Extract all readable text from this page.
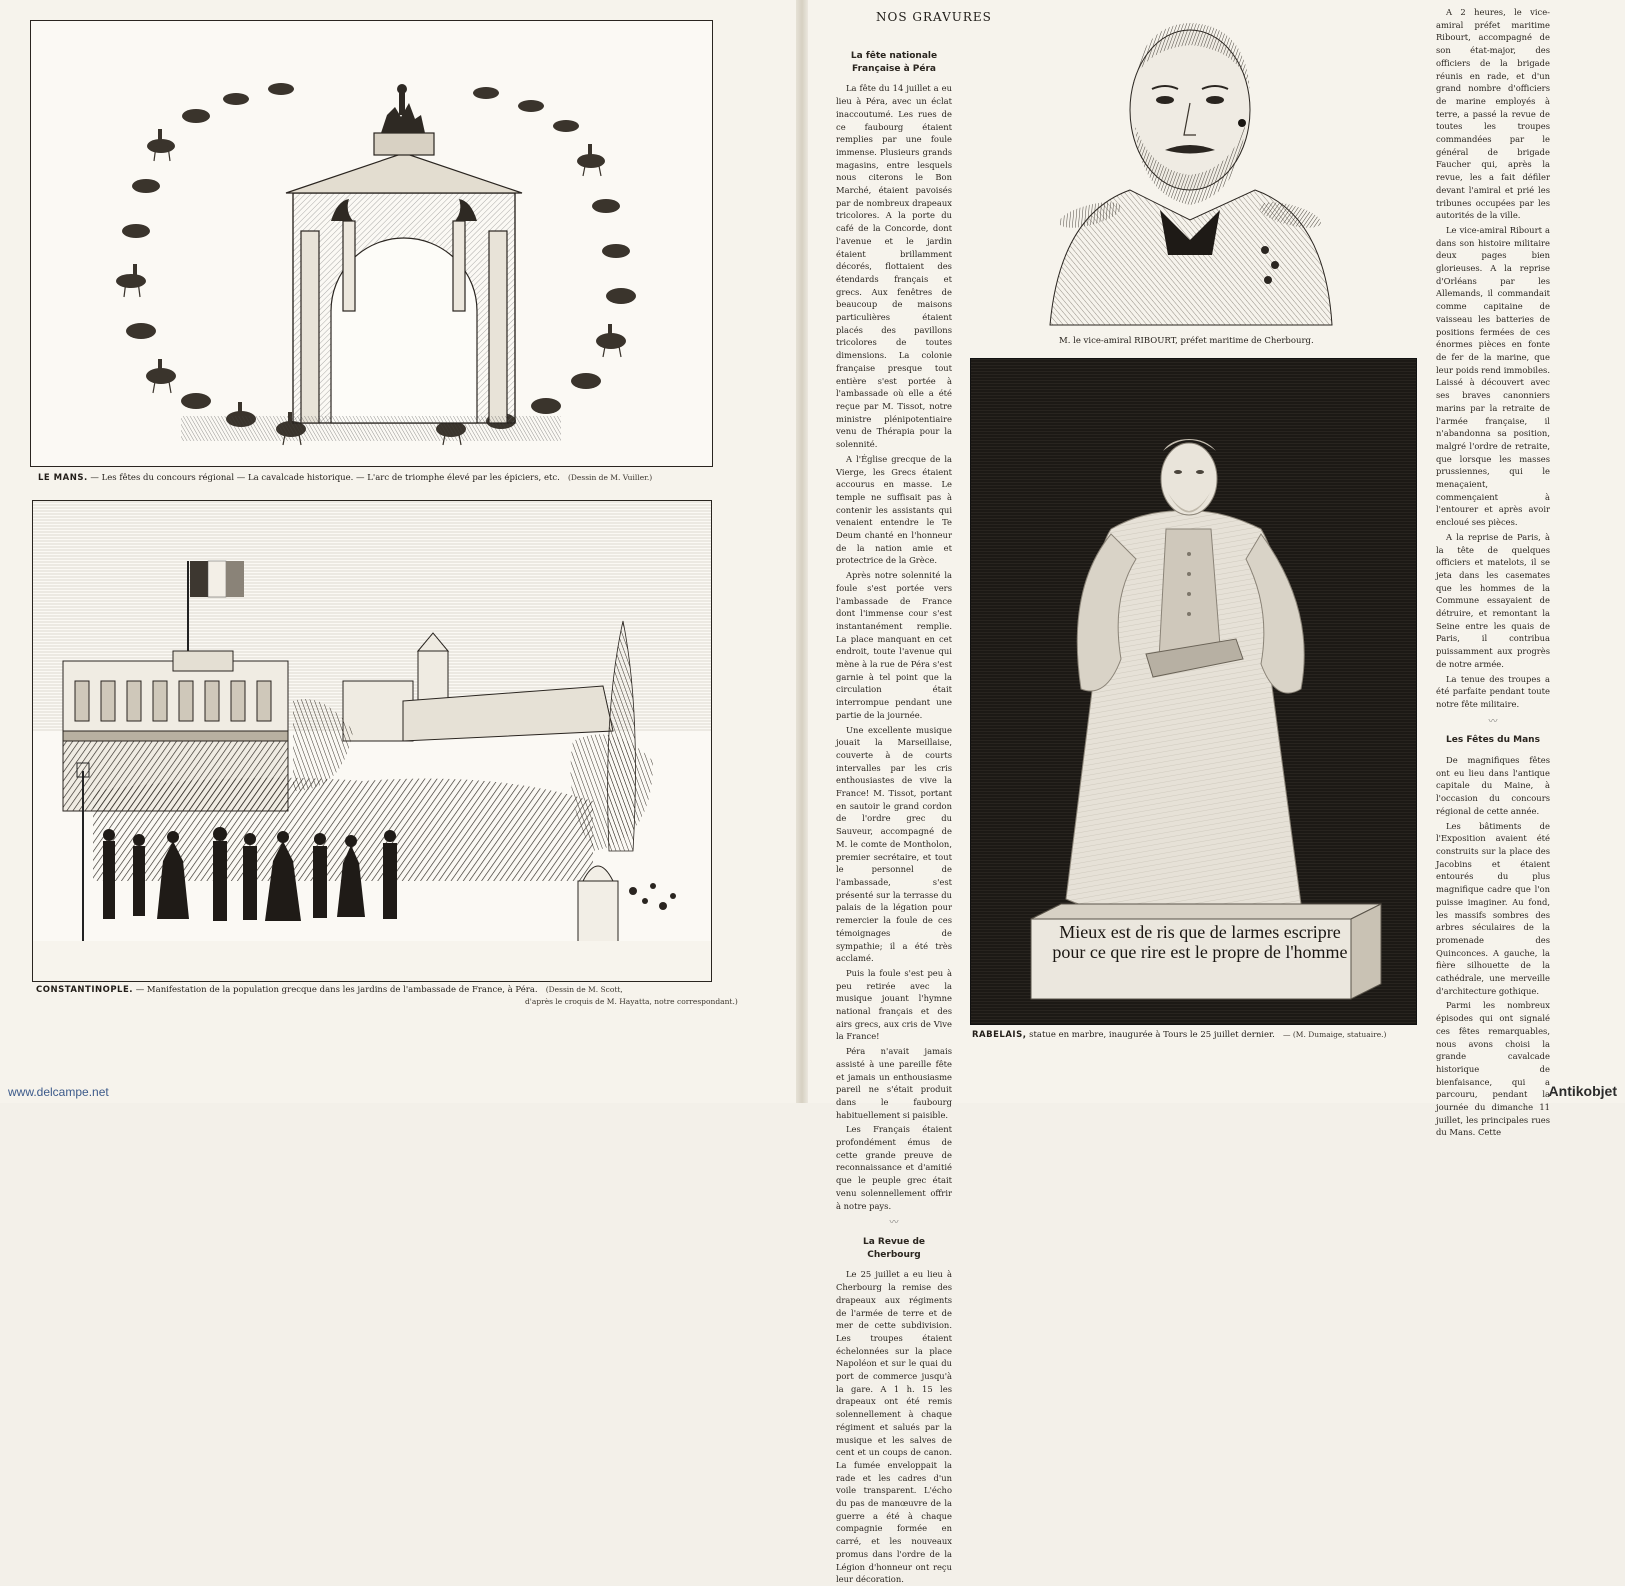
LE MANS. — Les fêtes du concours régional — La cavalcade historique. — L'arc de triomphe élevé par les épiciers, etc. (Dessin de M. Vuiller.)
CONSTANTINOPLE. — Manifestation de la population grecque dans les jardins de l'ambassade de France, à Péra. (Dessin de M. Scott,
d'après le croquis de M. Hayatta, notre correspondant.)
NOS GRAVURES
La fête nationale Française à Péra

La fête du 14 juillet a eu lieu à Péra, avec un éclat inaccoutumé. Les rues de ce faubourg étaient remplies par une foule immense. Plusieurs grands magasins, entre lesquels nous citerons le Bon Marché, étaient pavoisés par de nombreux drapeaux tricolores. A la porte du café de la Concorde, dont l'avenue et le jardin étaient brillamment décorés, flottaient des étendards français et grecs. Aux fenêtres de beaucoup de maisons particulières étaient placés des pavillons tricolores de toutes dimensions. La colonie française presque tout entière s'est portée à l'ambassade où elle a été reçue par M. Tissot, notre ministre plénipotentiaire venu de Thérapia pour la solennité.

A l'Église grecque de la Vierge, les Grecs étaient accourus en masse. Le temple ne suffisait pas à contenir les assistants qui venaient entendre le Te Deum chanté en l'honneur de la nation amie et protectrice de la Grèce.

Après notre solennité la foule s'est portée vers l'ambassade de France dont l'immense cour s'est instantanément remplie. La place manquant en cet endroit, toute l'avenue qui mène à la rue de Péra s'est garnie à tel point que la circulation était interrompue pendant une partie de la journée.

Une excellente musique jouait la Marseillaise, couverte à de courts intervalles par les cris enthousiastes de vive la France! M. Tissot, portant en sautoir le grand cordon de l'ordre grec du Sauveur, accompagné de M. le comte de Montholon, premier secrétaire, et tout le personnel de l'ambassade, s'est présenté sur la terrasse du palais de la légation pour remercier la foule de ces témoignages de sympathie; il a été très acclamé.

Puis la foule s'est peu à peu retirée avec la musique jouant l'hymne national français et des airs grecs, aux cris de Vive la France!

Péra n'avait jamais assisté à une pareille fête et jamais un enthousiasme pareil ne s'était produit dans le faubourg habituellement si paisible.

Les Français étaient profondément émus de cette grande preuve de reconnaissance et d'amitié que le peuple grec était venu solennellement offrir à notre pays.

〰
La Revue de Cherbourg

Le 25 juillet a eu lieu à Cherbourg la remise des drapeaux aux régiments de l'armée de terre et de mer de cette subdivision. Les troupes étaient échelonnées sur la place Napoléon et sur le quai du port de commerce jusqu'à la gare. A 1 h. 15 les drapeaux ont été remis solennellement à chaque régiment et salués par la musique et les salves de cent et un coups de canon. La fumée enveloppait la rade et les cadres d'un voile transparent. L'écho du pas de manœuvre de la guerre a été à chaque compagnie formée en carré, et les nouveaux promus dans l'ordre de la Légion d'honneur ont reçu leur décoration.

M. le vice-amiral RIBOURT, préfet maritime de Cherbourg.
Mieux est de ris que de larmes escripre
pour ce que rire est le propre de l'homme
RABELAIS, statue en marbre, inaugurée à Tours le 25 juillet dernier. — (M. Dumaige, statuaire.)

A 2 heures, le vice-amiral préfet maritime Ribourt, accompagné de son état-major, des officiers de la brigade réunis en rade, et d'un grand nombre d'officiers de marine employés à terre, a passé la revue de toutes les troupes commandées par le général de brigade Faucher qui, après la revue, les a fait défiler devant l'amiral et prié les tribunes occupées par les autorités de la ville.

Le vice-amiral Ribourt a dans son histoire militaire deux pages bien glorieuses. A la reprise d'Orléans par les Allemands, il commandait comme capitaine de vaisseau les batteries de positions fermées de ces énormes pièces en fonte de fer de la marine, que leur poids rend immobiles. Laissé à découvert avec ses braves canonniers marins par la retraite de l'armée française, il n'abandonna sa position, malgré l'ordre de retraite, que lorsque les masses prussiennes, qui le menaçaient, commençaient à l'entourer et après avoir encloué ses pièces.

A la reprise de Paris, à la tête de quelques officiers et matelots, il se jeta dans les casemates que les hommes de la Commune essayaient de détruire, et remontant la Seine entre les quais de Paris, il contribua puissamment aux progrès de notre armée.

La tenue des troupes a été parfaite pendant toute notre fête militaire.

〰
Les Fêtes du Mans

De magnifiques fêtes ont eu lieu dans l'antique capitale du Maine, à l'occasion du concours régional de cette année.

Les bâtiments de l'Exposition avaient été construits sur la place des Jacobins et étaient entourés du plus magnifique cadre que l'on puisse imaginer. Au fond, les massifs sombres des arbres séculaires de la promenade des Quinconces. A gauche, la fière silhouette de la cathédrale, une merveille d'architecture gothique.

Parmi les nombreux épisodes qui ont signalé ces fêtes remarquables, nous avons choisi la grande cavalcade historique de bienfaisance, qui a parcouru, pendant la journée du dimanche 11 juillet, les principales rues du Mans. Cette

www.delcampe.net	Antikobjet
